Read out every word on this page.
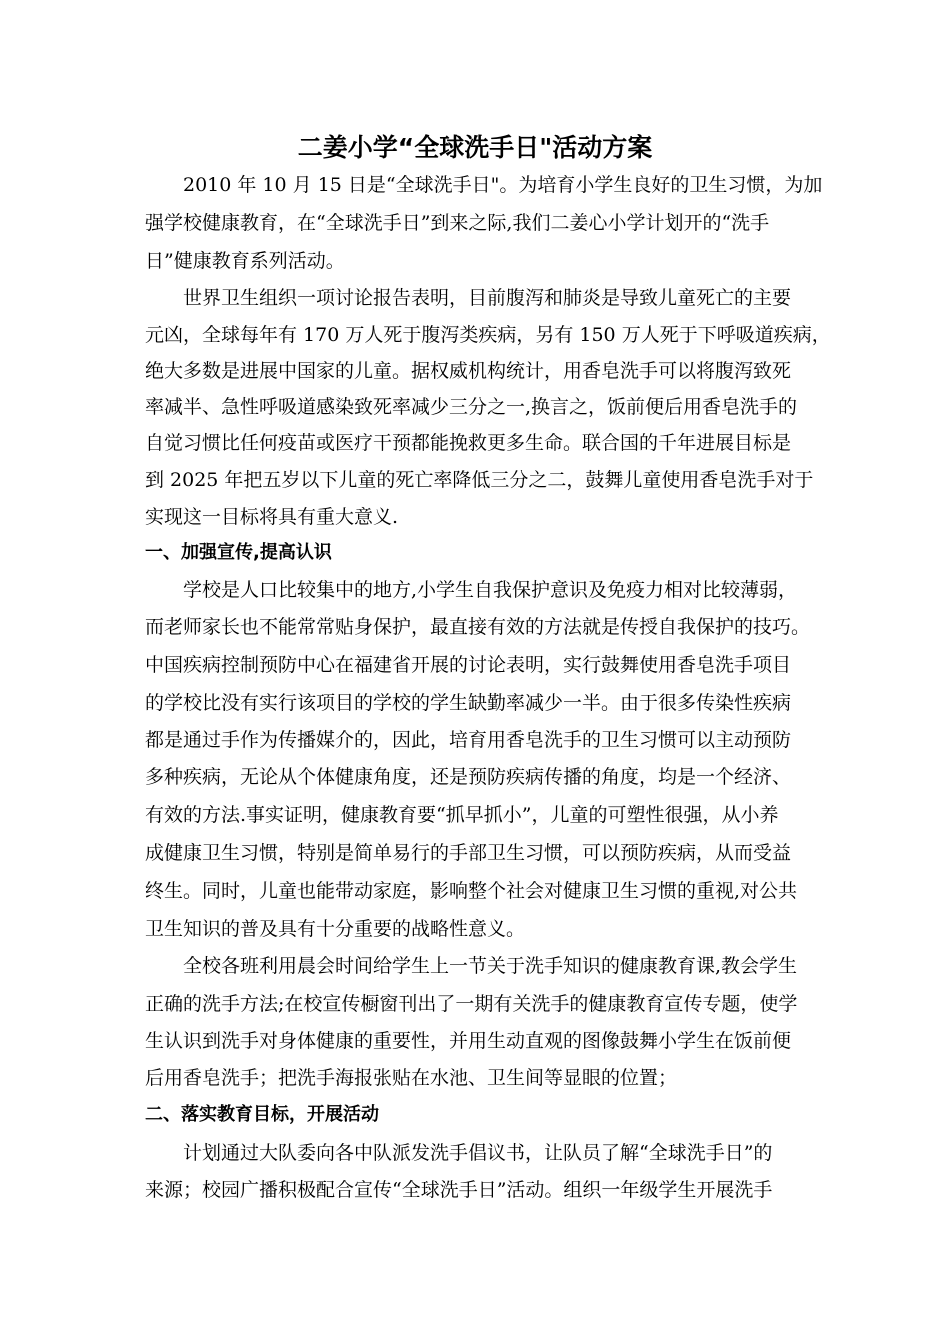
二姜小学“全球洗手日"活动方案
2010 年 10 月 15 日是“全球洗手日"。为培育小学生良好的卫生习惯，为加
强学校健康教育，在“全球洗手日”到来之际,我们二姜心小学计划开的“洗手
日”健康教育系列活动。
世界卫生组织一项讨论报告表明，目前腹泻和肺炎是导致儿童死亡的主要
元凶，全球每年有 170 万人死于腹泻类疾病，另有 150 万人死于下呼吸道疾病，
绝大多数是进展中国家的儿童。据权威机构统计，用香皂洗手可以将腹泻致死
率减半、急性呼吸道感染致死率减少三分之一,换言之，饭前便后用香皂洗手的
自觉习惯比任何疫苗或医疗干预都能挽救更多生命。联合国的千年进展目标是
到 2025 年把五岁以下儿童的死亡率降低三分之二，鼓舞儿童使用香皂洗手对于
实现这一目标将具有重大意义.
一、加强宣传,提高认识
学校是人口比较集中的地方,小学生自我保护意识及免疫力相对比较薄弱，
而老师家长也不能常常贴身保护，最直接有效的方法就是传授自我保护的技巧。
中国疾病控制预防中心在福建省开展的讨论表明，实行鼓舞使用香皂洗手项目
的学校比没有实行该项目的学校的学生缺勤率减少一半。由于很多传染性疾病
都是通过手作为传播媒介的，因此，培育用香皂洗手的卫生习惯可以主动预防
多种疾病，无论从个体健康角度，还是预防疾病传播的角度，均是一个经济、
有效的方法.事实证明，健康教育要“抓早抓小”，儿童的可塑性很强，从小养
成健康卫生习惯，特别是简单易行的手部卫生习惯，可以预防疾病，从而受益
终生。同时，儿童也能带动家庭，影响整个社会对健康卫生习惯的重视,对公共
卫生知识的普及具有十分重要的战略性意义。
全校各班利用晨会时间给学生上一节关于洗手知识的健康教育课,教会学生
正确的洗手方法;在校宣传橱窗刊出了一期有关洗手的健康教育宣传专题，使学
生认识到洗手对身体健康的重要性，并用生动直观的图像鼓舞小学生在饭前便
后用香皂洗手；把洗手海报张贴在水池、卫生间等显眼的位置；
二、落实教育目标，开展活动
计划通过大队委向各中队派发洗手倡议书，让队员了解“全球洗手日”的
来源；校园广播积极配合宣传“全球洗手日”活动。组织一年级学生开展洗手
